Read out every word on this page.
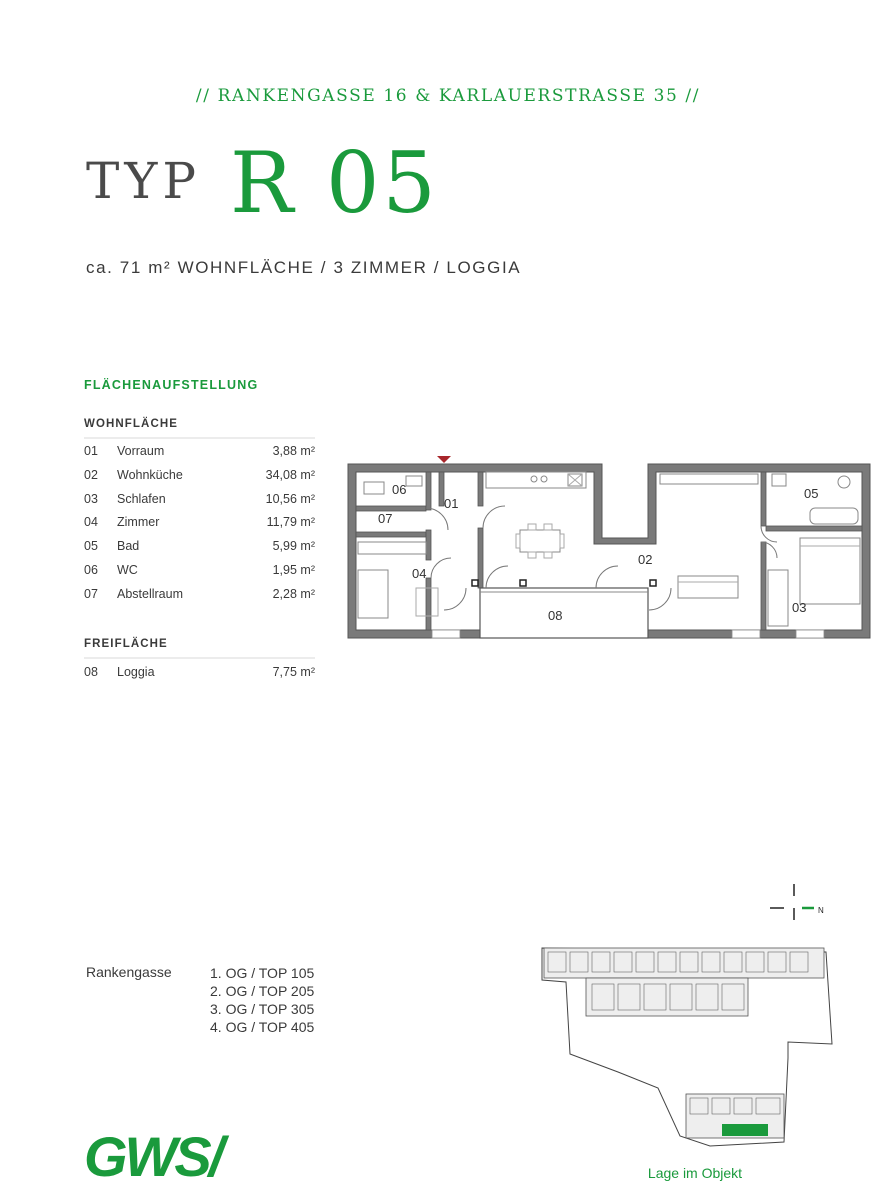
// RANKENGASSE 16 & KARLAUERSTRASSE 35 //
TYP R 05
ca. 71 m² WOHNFLÄCHE / 3 ZIMMER / LOGGIA
FLÄCHENAUFSTELLUNG
WOHNFLÄCHE
01 Vorraum	3,88 m²
02 Wohnküche	34,08 m²
03 Schlafen	10,56 m²
04 Zimmer	11,79 m²
05 Bad	5,99 m²
06 WC	1,95 m²
07 Abstellraum	2,28 m²
FREIFLÄCHE
08 Loggia	7,75 m²
06
07
01
04
02
05
03
08
Rankengasse	1. OG / TOP 105
2. OG / TOP 205
3. OG / TOP 305
4. OG / TOP 405
N
Lage im Objekt
GWS/
